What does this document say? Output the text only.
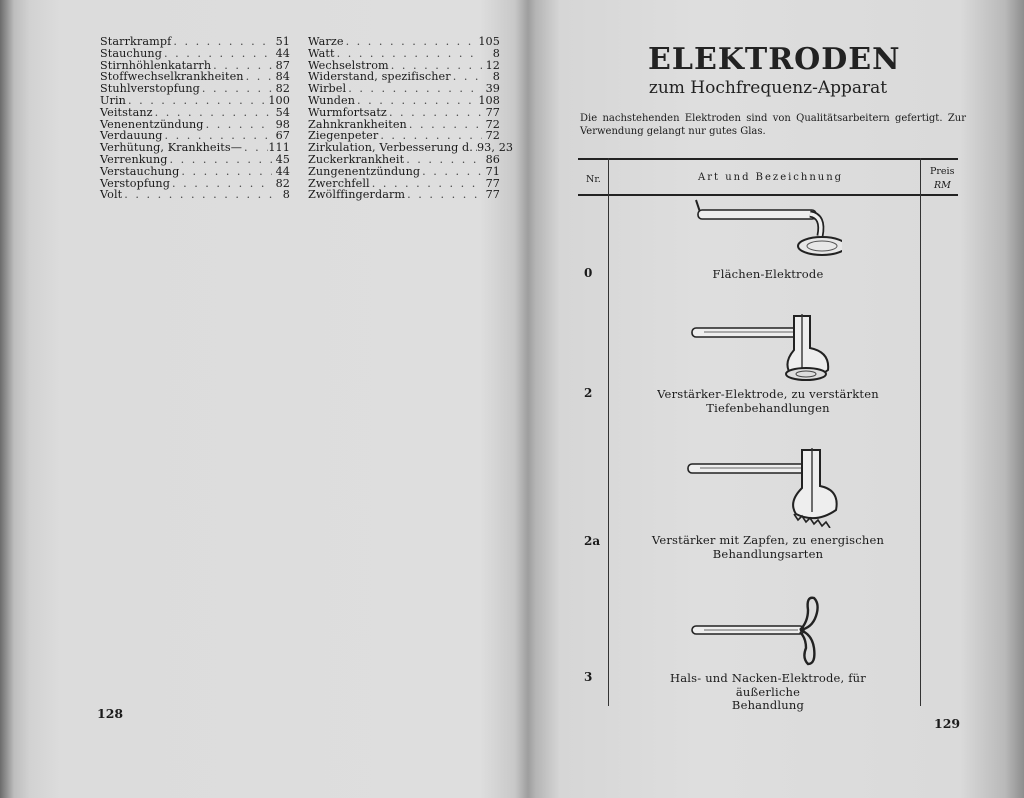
Starrkrampf . . .	51
Stauchung . . .	44
Stirnhöhlenkatarrh . . .	87
Stoffwechselkrankheiten . . .	84
Stuhlverstopfung . . .	82
Urin . . .	100
Veitstanz . . .	54
Venenentzündung . . .	98
Verdauung . . .	67
Verhütung, Krankheits— . . . 111
Verrenkung . . .	45
Verstauchung . . .	44
Verstopfung . . .	82
Volt . . .	8
Warze . . .	105
Watt . . .	8
Wechselstrom . . .	12
Widerstand, spezifischer . . .	8
Wirbel . . .	39
Wunden . . .	108
Wurmfortsatz . . .	77
Zahnkrankheiten . . .	72
Ziegenpeter . . .	72
Zirkulation, Verbesserung d. . . . 93, 23
Zuckerkrankheit . . .	86
Zungenentzündung . . .	71
Zwerchfell . . .	77
Zwölffingerdarm . . .	77
128
ELEKTRODEN
zum Hochfrequenz-Apparat
Die nachstehenden Elektroden sind von Qualitätsarbeitern gefertigt. Zur Verwendung gelangt nur gutes Glas.
Nr.	Art und Bezeichnung
Preis
RM
0	Flächen-Elektrode
2	Verstärker-Elektrode, zu verstärkten
Tiefenbehandlungen
2a	Verstärker mit Zapfen, zu energischen
Behandlungsarten
3	Hals- und Nacken-Elektrode, für äußerliche
Behandlung
129
